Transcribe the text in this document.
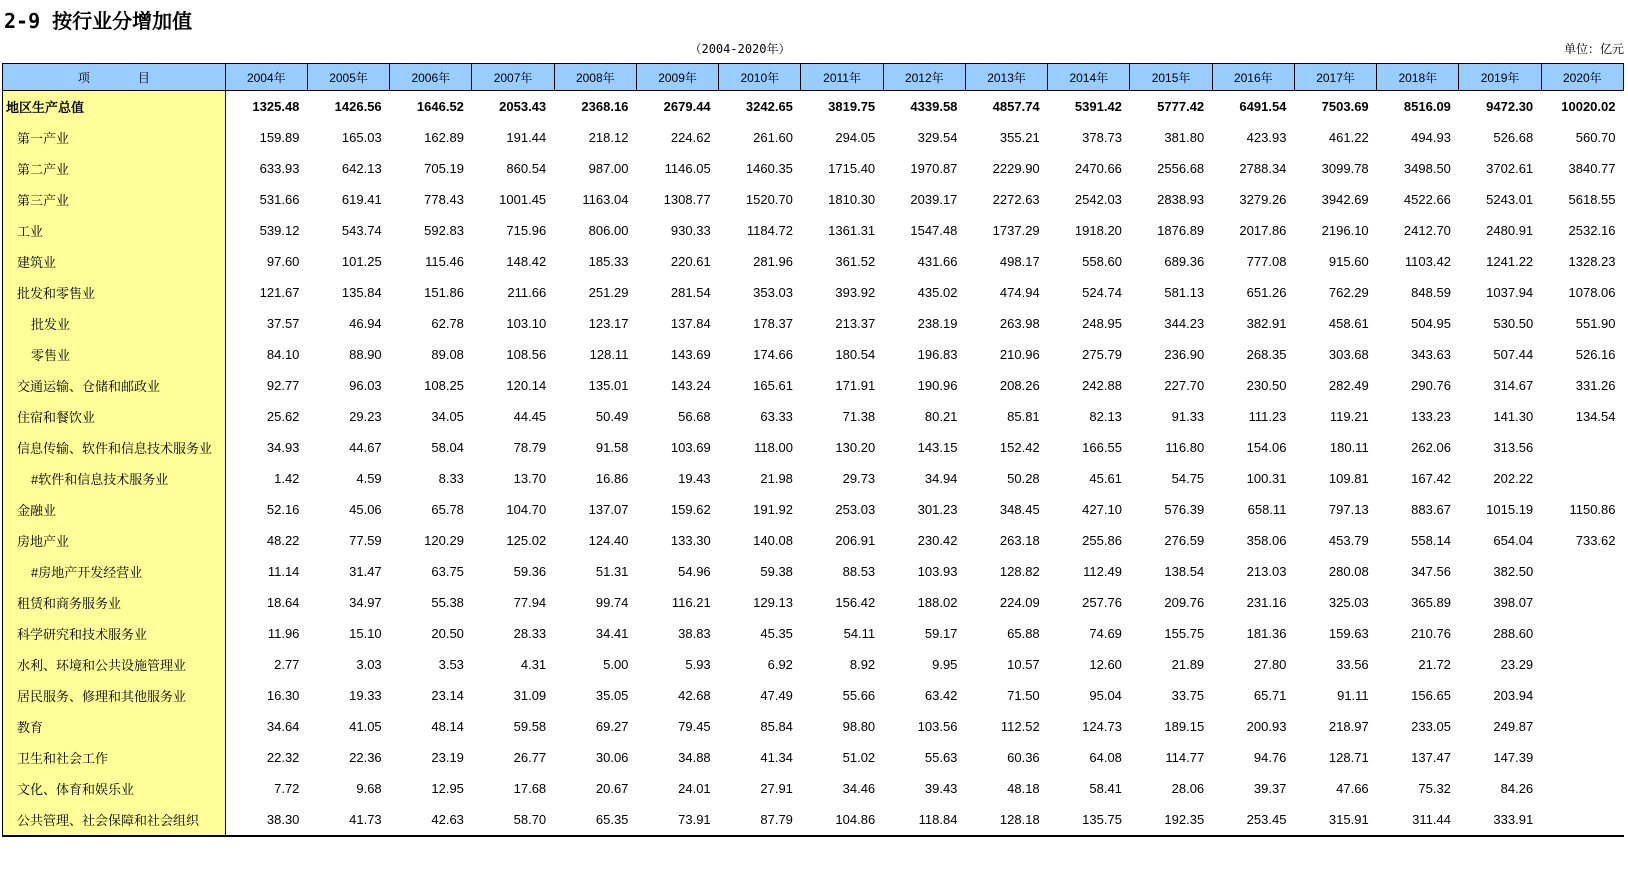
2-9 按行业分增加值
（2004-2020年）	单位：亿元
项 目	2004年	2005年	2006年	2007年	2008年	2009年	2010年	2011年	2012年	2013年	2014年	2015年	2016年	2017年	2018年	2019年	2020年
地区生产总值	1325.48	1426.56	1646.52	2053.43	2368.16	2679.44	3242.65	3819.75	4339.58	4857.74	5391.42	5777.42	6491.54	7503.69	8516.09	9472.30	10020.02
第一产业	159.89	165.03	162.89	191.44	218.12	224.62	261.60	294.05	329.54	355.21	378.73	381.80	423.93	461.22	494.93	526.68	560.70
第二产业	633.93	642.13	705.19	860.54	987.00	1146.05	1460.35	1715.40	1970.87	2229.90	2470.66	2556.68	2788.34	3099.78	3498.50	3702.61	3840.77
第三产业	531.66	619.41	778.43	1001.45	1163.04	1308.77	1520.70	1810.30	2039.17	2272.63	2542.03	2838.93	3279.26	3942.69	4522.66	5243.01	5618.55
工业	539.12	543.74	592.83	715.96	806.00	930.33	1184.72	1361.31	1547.48	1737.29	1918.20	1876.89	2017.86	2196.10	2412.70	2480.91	2532.16
建筑业	97.60	101.25	115.46	148.42	185.33	220.61	281.96	361.52	431.66	498.17	558.60	689.36	777.08	915.60	1103.42	1241.22	1328.23
批发和零售业	121.67	135.84	151.86	211.66	251.29	281.54	353.03	393.92	435.02	474.94	524.74	581.13	651.26	762.29	848.59	1037.94	1078.06
批发业	37.57	46.94	62.78	103.10	123.17	137.84	178.37	213.37	238.19	263.98	248.95	344.23	382.91	458.61	504.95	530.50	551.90
零售业	84.10	88.90	89.08	108.56	128.11	143.69	174.66	180.54	196.83	210.96	275.79	236.90	268.35	303.68	343.63	507.44	526.16
交通运输、仓储和邮政业	92.77	96.03	108.25	120.14	135.01	143.24	165.61	171.91	190.96	208.26	242.88	227.70	230.50	282.49	290.76	314.67	331.26
住宿和餐饮业	25.62	29.23	34.05	44.45	50.49	56.68	63.33	71.38	80.21	85.81	82.13	91.33	111.23	119.21	133.23	141.30	134.54
信息传输、软件和信息技术服务业	34.93	44.67	58.04	78.79	91.58	103.69	118.00	130.20	143.15	152.42	166.55	116.80	154.06	180.11	262.06	313.56	
#软件和信息技术服务业	1.42	4.59	8.33	13.70	16.86	19.43	21.98	29.73	34.94	50.28	45.61	54.75	100.31	109.81	167.42	202.22	
金融业	52.16	45.06	65.78	104.70	137.07	159.62	191.92	253.03	301.23	348.45	427.10	576.39	658.11	797.13	883.67	1015.19	1150.86
房地产业	48.22	77.59	120.29	125.02	124.40	133.30	140.08	206.91	230.42	263.18	255.86	276.59	358.06	453.79	558.14	654.04	733.62
#房地产开发经营业	11.14	31.47	63.75	59.36	51.31	54.96	59.38	88.53	103.93	128.82	112.49	138.54	213.03	280.08	347.56	382.50	
租赁和商务服务业	18.64	34.97	55.38	77.94	99.74	116.21	129.13	156.42	188.02	224.09	257.76	209.76	231.16	325.03	365.89	398.07	
科学研究和技术服务业	11.96	15.10	20.50	28.33	34.41	38.83	45.35	54.11	59.17	65.88	74.69	155.75	181.36	159.63	210.76	288.60	
水利、环境和公共设施管理业	2.77	3.03	3.53	4.31	5.00	5.93	6.92	8.92	9.95	10.57	12.60	21.89	27.80	33.56	21.72	23.29	
居民服务、修理和其他服务业	16.30	19.33	23.14	31.09	35.05	42.68	47.49	55.66	63.42	71.50	95.04	33.75	65.71	91.11	156.65	203.94	
教育	34.64	41.05	48.14	59.58	69.27	79.45	85.84	98.80	103.56	112.52	124.73	189.15	200.93	218.97	233.05	249.87	
卫生和社会工作	22.32	22.36	23.19	26.77	30.06	34.88	41.34	51.02	55.63	60.36	64.08	114.77	94.76	128.71	137.47	147.39	
文化、体育和娱乐业	7.72	9.68	12.95	17.68	20.67	24.01	27.91	34.46	39.43	48.18	58.41	28.06	39.37	47.66	75.32	84.26	
公共管理、社会保障和社会组织	38.30	41.73	42.63	58.70	65.35	73.91	87.79	104.86	118.84	128.18	135.75	192.35	253.45	315.91	311.44	333.91	
